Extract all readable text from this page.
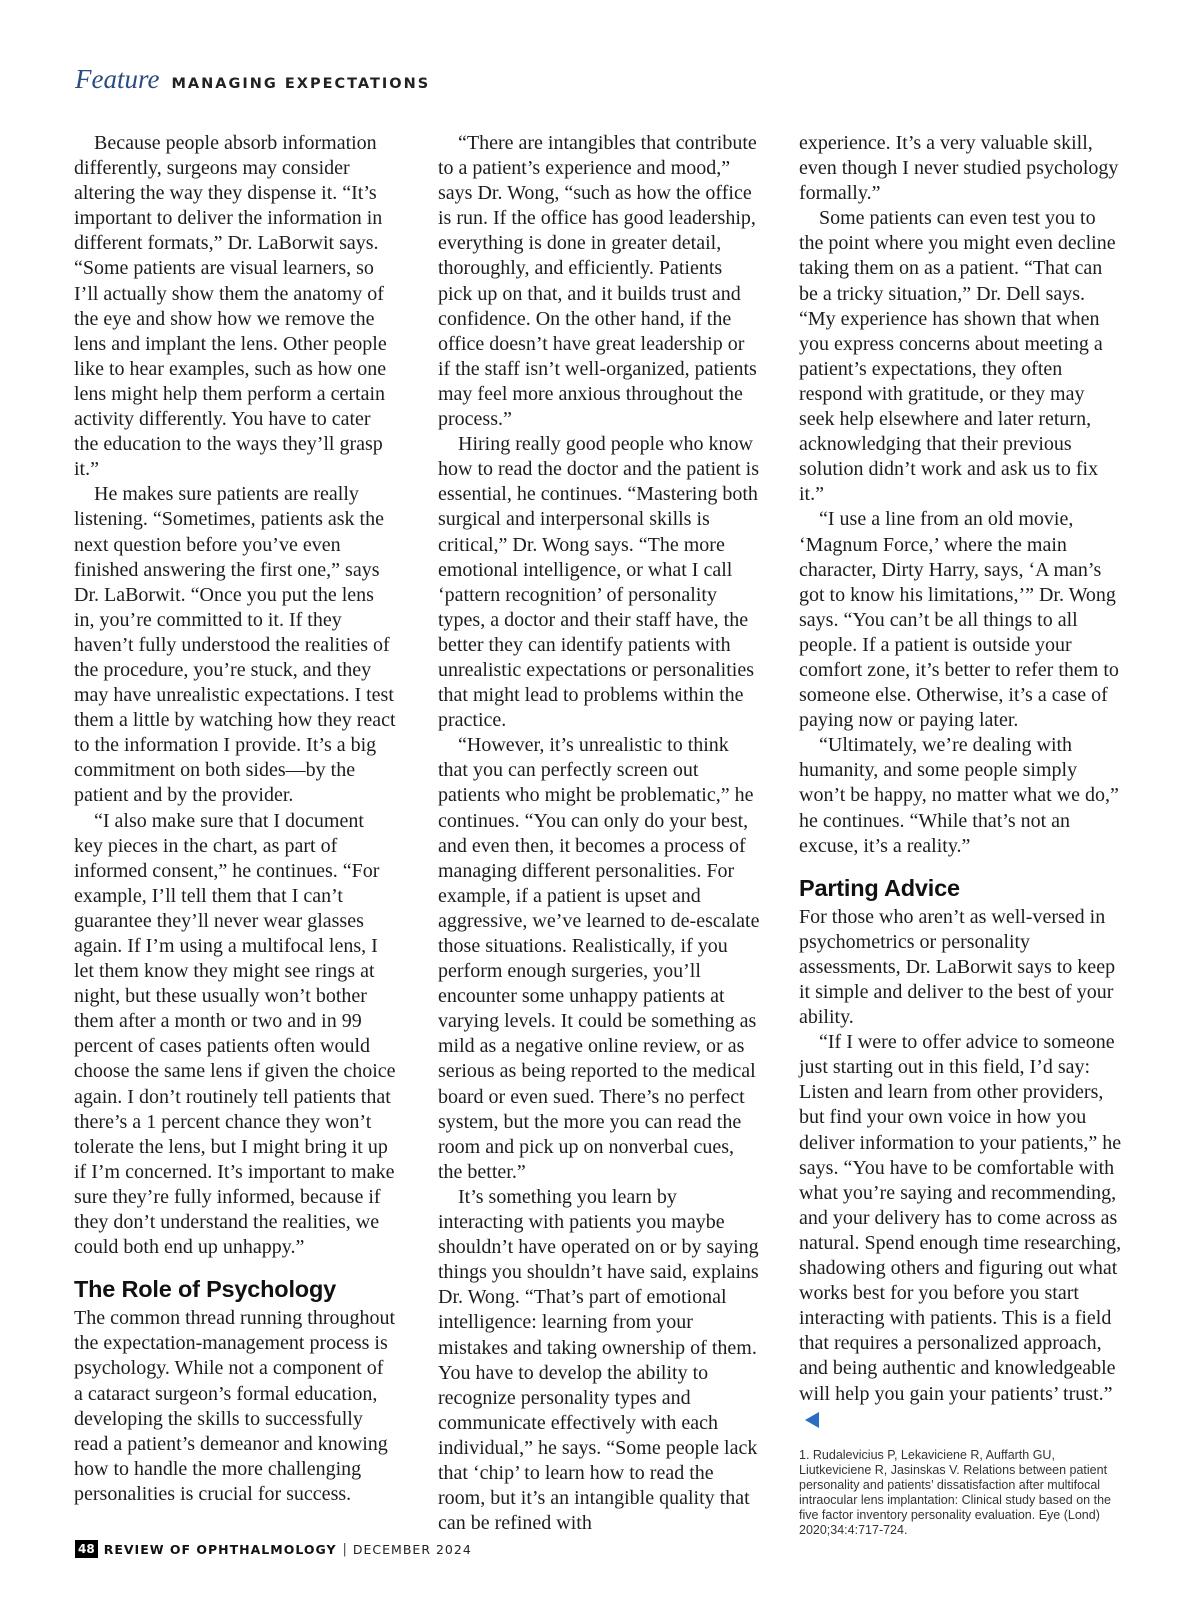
Feature MANAGING EXPECTATIONS

Because people absorb information differently, surgeons may consider altering the way they dispense it. “It’s important to deliver the information in different formats,” Dr. LaBorwit says. “Some patients are visual learners, so I’ll actually show them the anatomy of the eye and show how we remove the lens and implant the lens. Other people like to hear examples, such as how one lens might help them perform a certain activity differently. You have to cater the education to the ways they’ll grasp it.”

He makes sure patients are really listening. “Sometimes, patients ask the next question before you’ve even finished answering the first one,” says Dr. LaBorwit. “Once you put the lens in, you’re committed to it. If they haven’t fully understood the realities of the procedure, you’re stuck, and they may have unrealistic expectations. I test them a little by watching how they react to the information I provide. It’s a big commitment on both sides—by the patient and by the provider.

“I also make sure that I document key pieces in the chart, as part of informed consent,” he continues. “For example, I’ll tell them that I can’t guarantee they’ll never wear glasses again. If I’m using a multifocal lens, I let them know they might see rings at night, but these usually won’t bother them after a month or two and in 99 percent of cases patients often would choose the same lens if given the choice again. I don’t routinely tell patients that there’s a 1 percent chance they won’t tolerate the lens, but I might bring it up if I’m concerned. It’s important to make sure they’re fully informed, because if they don’t understand the realities, we could both end up unhappy.”

The Role of Psychology

The common thread running throughout the expectation-management process is psychology. While not a component of a cataract surgeon’s formal education, developing the skills to successfully read a patient’s demeanor and knowing how to handle the more challenging personalities is crucial for success.

“There are intangibles that contribute to a patient’s experience and mood,” says Dr. Wong, “such as how the office is run. If the office has good leadership, everything is done in greater detail, thoroughly, and efficiently. Patients pick up on that, and it builds trust and confidence. On the other hand, if the office doesn’t have great leadership or if the staff isn’t well-organized, patients may feel more anxious throughout the process.”

Hiring really good people who know how to read the doctor and the patient is essential, he continues. “Mastering both surgical and interpersonal skills is critical,” Dr. Wong says. “The more emotional intelligence, or what I call ‘pattern recognition’ of personality types, a doctor and their staff have, the better they can identify patients with unrealistic expectations or personalities that might lead to problems within the practice.

“However, it’s unrealistic to think that you can perfectly screen out patients who might be problematic,” he continues. “You can only do your best, and even then, it becomes a process of managing different personalities. For example, if a patient is upset and aggressive, we’ve learned to de-escalate those situations. Realistically, if you perform enough surgeries, you’ll encounter some unhappy patients at varying levels. It could be something as mild as a negative online review, or as serious as being reported to the medical board or even sued. There’s no perfect system, but the more you can read the room and pick up on nonverbal cues, the better.”

It’s something you learn by interacting with patients you maybe shouldn’t have operated on or by saying things you shouldn’t have said, explains Dr. Wong. “That’s part of emotional intelligence: learning from your mistakes and taking ownership of them. You have to develop the ability to recognize personality types and communicate effectively with each individual,” he says. “Some people lack that ‘chip’ to learn how to read the room, but it’s an intangible quality that can be refined with

experience. It’s a very valuable skill, even though I never studied psychology formally.”

Some patients can even test you to the point where you might even decline taking them on as a patient. “That can be a tricky situation,” Dr. Dell says. “My experience has shown that when you express concerns about meeting a patient’s expectations, they often respond with gratitude, or they may seek help elsewhere and later return, acknowledging that their previous solution didn’t work and ask us to fix it.”

“I use a line from an old movie, ‘Magnum Force,’ where the main character, Dirty Harry, says, ‘A man’s got to know his limitations,’” Dr. Wong says. “You can’t be all things to all people. If a patient is outside your comfort zone, it’s better to refer them to someone else. Otherwise, it’s a case of paying now or paying later.

“Ultimately, we’re dealing with humanity, and some people simply won’t be happy, no matter what we do,” he continues. “While that’s not an excuse, it’s a reality.”

Parting Advice

For those who aren’t as well-versed in psychometrics or personality assessments, Dr. LaBorwit says to keep it simple and deliver to the best of your ability.

“If I were to offer advice to someone just starting out in this field, I’d say: Listen and learn from other providers, but find your own voice in how you deliver information to your patients,” he says. “You have to be comfortable with what you’re saying and recommending, and your delivery has to come across as natural. Spend enough time researching, shadowing others and figuring out what works best for you before you start interacting with patients. This is a field that requires a personalized approach, and being authentic and knowledgeable will help you gain your patients’ trust.”

1. Rudalevicius P, Lekaviciene R, Auffarth GU, Liutkeviciene R, Jasinskas V. Relations between patient personality and patients’ dissatisfaction after multifocal intraocular lens implantation: Clinical study based on the five factor inventory personality evaluation. Eye (Lond) 2020;34:4:717-724.
48 REVIEW OF OPHTHALMOLOGY | DECEMBER 2024
